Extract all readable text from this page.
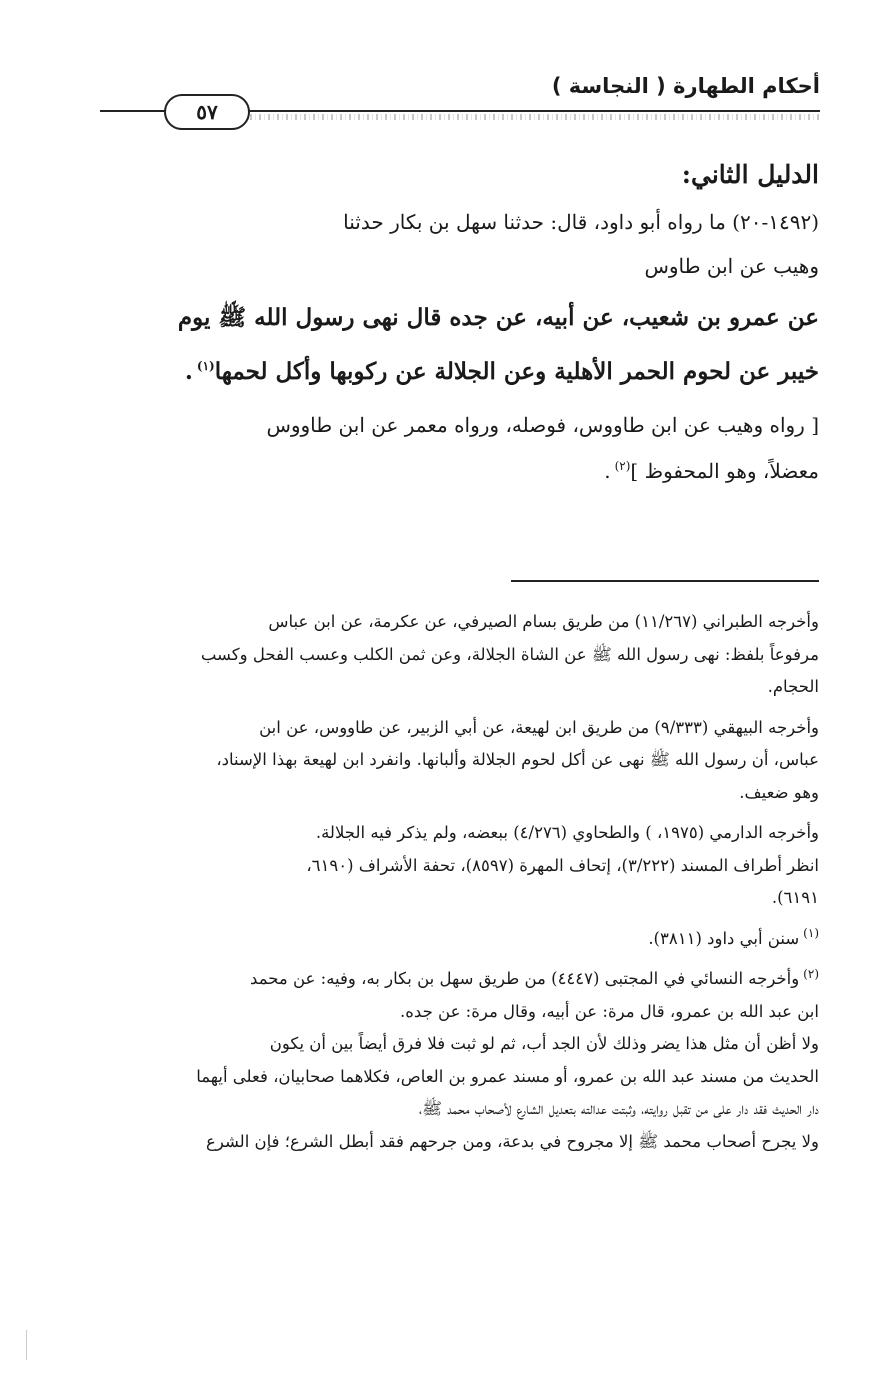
أحكام الطهارة ( النجاسة )
٥٧

الدليل الثاني:

(١٤٩٢-٢٠) ما رواه أبو داود، قال: حدثنا سهل بن بكار حدثنا

وهيب عن ابن طاوس

عن عمرو بن شعيب، عن أبيه، عن جده قال نهى رسول الله ﷺ يوم

خيبر عن لحوم الحمر الأهلية وعن الجلالة عن ركوبها وأكل لحمها$^{(١)}$.

[ رواه وهيب عن ابن طاووس، فوصله، ورواه معمر عن ابن طاووس

معضلاً، وهو المحفوظ ]$^{(٢)}$.

وأخرجه الطبراني (١١/٢٦٧) من طريق بسام الصيرفي، عن عكرمة، عن ابن عباس

مرفوعاً بلفظ: نهى رسول الله ﷺ عن الشاة الجلالة، وعن ثمن الكلب وعسب الفحل وكسب

الحجام.

وأخرجه البيهقي (٩/٣٣٣) من طريق ابن لهيعة، عن أبي الزبير، عن طاووس، عن ابن

عباس، أن رسول الله ﷺ نهى عن أكل لحوم الجلالة وألبانها. وانفرد ابن لهيعة بهذا الإسناد،

وهو ضعيف.

وأخرجه الدارمي (١٩٧٥، ) والطحاوي (٤/٢٧٦) ببعضه، ولم يذكر فيه الجلالة.

انظر أطراف المسند (٣/٢٢٢)، إتحاف المهرة (٨٥٩٧)، تحفة الأشراف (٦١٩٠،

٦١٩١).

$^{(١)}$سنن أبي داود (٣٨١١).

$^{(٢)}$وأخرجه النسائي في المجتبى (٤٤٤٧) من طريق سهل بن بكار به، وفيه: عن محمد

ابن عبد الله بن عمرو، قال مرة: عن أبيه، وقال مرة: عن جده.

ولا أظن أن مثل هذا يضر وذلك لأن الجد أب، ثم لو ثبت فلا فرق أيضاً بين أن يكون

الحديث من مسند عبد الله بن عمرو، أو مسند عمرو بن العاص، فكلاهما صحابيان، فعلى أيهما

دار الحديث فقد دار على من تقبل روايته، وثبتت عدالته بتعديل الشارع لأصحاب محمد ﷺ،

ولا يجرح أصحاب محمد ﷺ إلا مجروح في بدعة، ومن جرحهم فقد أبطل الشرع؛ فإن الشرع
